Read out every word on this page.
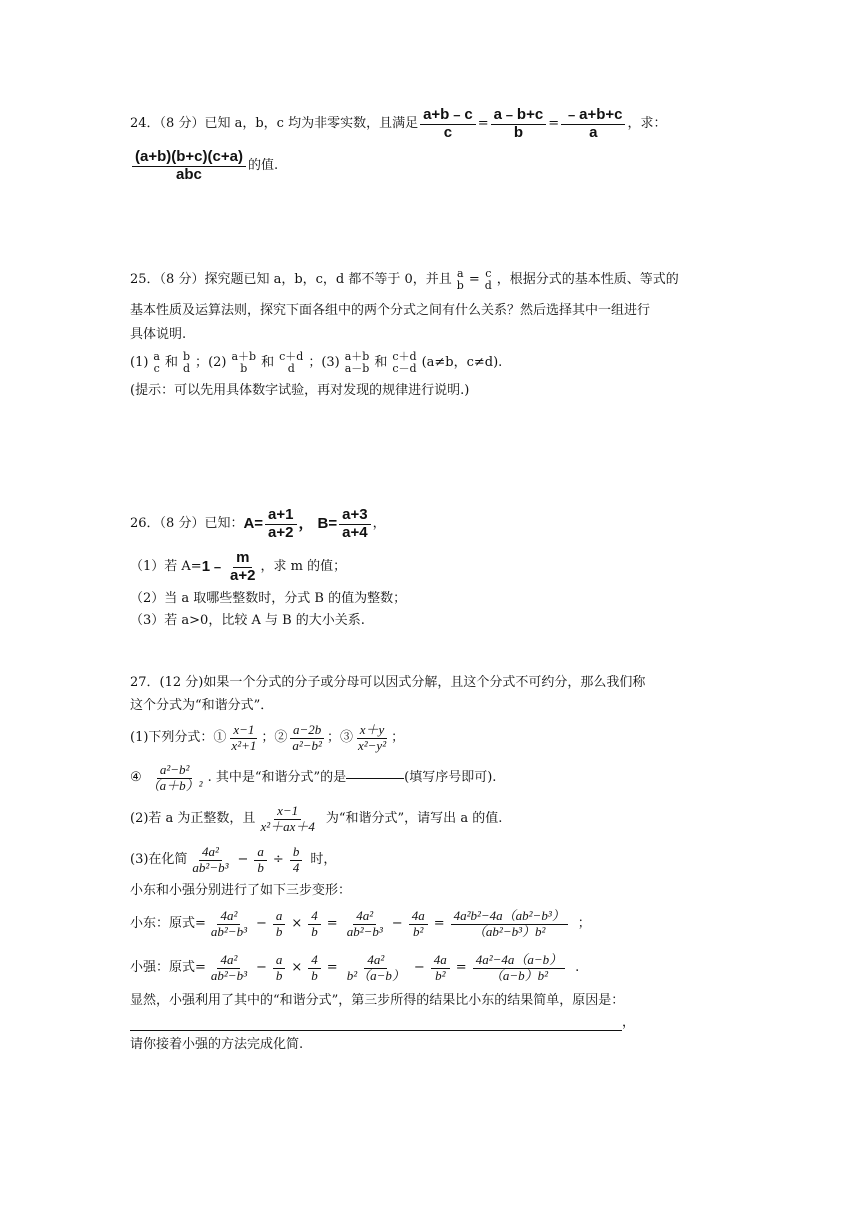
24．（8 分）已知 a，b，c 均为非零实数，且满足 $\frac{a+b﹣c}{c} = \frac{a﹣b+c}{b} = \frac{﹣a+b+c}{a}$ ，求：
$\frac{(a+b)(b+c)(c+a)}{\text{abc}}$ 的值.
25．（8 分）探究题已知 a，b，c，d 都不等于 0，并且 a
b = c
d ，根据分式的基本性质、等式的
基本性质及运算法则，探究下面各组中的两个分式之间有什么关系？然后选择其中一组进行
具体说明.
(1) a
c 和 b
d ； (2) a＋b
b 和 c＋d
d ； (3) a＋b
a－b 和 c＋d
c－d (a≠b，c≠d).
(提示：可以先用具体数字试验，再对发现的规律进行说明.)
26．（8 分）已知： $A= \frac{a+1}{a+2}$ ， $B= \frac{a+3}{a+4}$ ，
（1）若 A= 1﹣ $\frac{m}{a+2}$ ，求 m 的值；
（2）当 a 取哪些整数时，分式 B 的值为整数；
（3）若 a>0，比较 A 与 B 的大小关系.
27．(12 分)如果一个分式的分子或分母可以因式分解，且这个分式不可约分，那么我们称
这个分式为“和谐分式”．
(1)下列分式：① $\frac{x-1}{\text{x²+1}}$ ；② $\frac{a-2b}{\text{a²−b²}}$ ；③ $\frac{x+y}{\text{x²−y²}}$ ；
④ $\frac{\text{a²−b²}}{\text{（a＋b）²}}$ . 其中是“和谐分式”的是	(填写序号即可).
(2)若 a 为正整数，且 $\frac{x-1}{\text{x²＋ax＋4}}$ 为“和谐分式”，请写出 a 的值.
(3)在化简 $\frac{\text{4a²}}{\text{ab²−b³}} - \frac{a}{b} \div \frac{b}{4}$ 时，
小东和小强分别进行了如下三步变形：
小东：原式= $\frac{\text{4a²}}{\text{ab²−b³}} - \frac{a}{b} \times \frac{4}{b} = \frac{\text{4a²}}{\text{ab²−b³}} - \frac{4a}{\text{b²}} = \frac{\text{4a²b²−4a（ab²−b³）}}{\text{（ab²−b³）b²}}$ ；
小强：原式= $\frac{\text{4a²}}{\text{ab²−b³}} - \frac{a}{b} \times \frac{4}{b} = \frac{\text{4a²}}{\text{b²（a−b）}} - \frac{4a}{\text{b²}} = \frac{\text{4a²−4a（a−b）}}{\text{（a−b）b²}}$ .
显然，小强利用了其中的“和谐分式”，第三步所得的结果比小东的结果简单，原因是：
，
请你接着小强的方法完成化简.
